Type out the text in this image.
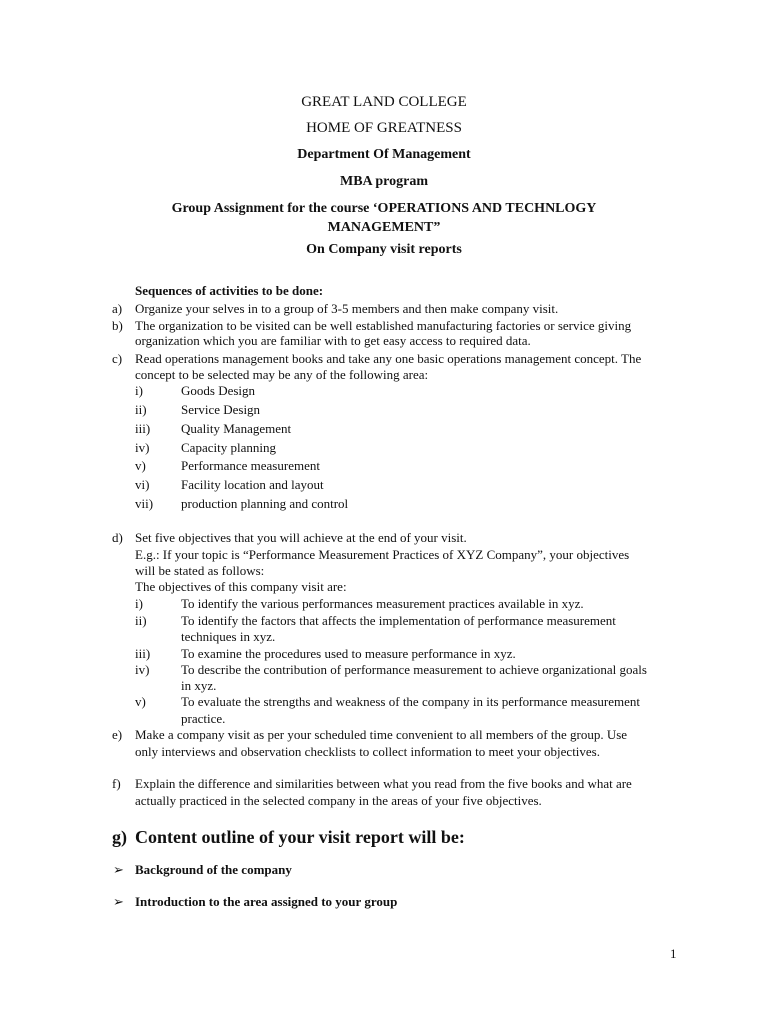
GREAT LAND COLLEGE
HOME OF GREATNESS
Department Of Management
MBA program
Group Assignment for the course ‘OPERATIONS AND TECHNLOGY
MANAGEMENT”
On Company visit reports
Sequences of activities to be done:
a) Organize your selves in to a group of 3-5 members and then make company visit.
b) The organization to be visited can be well established manufacturing factories or service giving
organization which you are familiar with to get easy access to required data.
c) Read operations management books and take any one basic operations management concept. The
concept to be selected may be any of the following area:
i)	Goods Design
ii)	Service Design
iii) Quality Management
iv) Capacity planning
v)	Performance measurement
vi) Facility location and layout
vii) production planning and control
d) Set five objectives that you will achieve at the end of your visit.
E.g.: If your topic is “Performance Measurement Practices of XYZ Company”, your objectives
will be stated as follows:
The objectives of this company visit are:
i)	To identify the various performances measurement practices available in xyz.
ii)	To identify the factors that affects the implementation of performance measurement
techniques in xyz.
iii) To examine the procedures used to measure performance in xyz.
iv) To describe the contribution of performance measurement to achieve organizational goals
in xyz.
v)	To evaluate the strengths and weakness of the company in its performance measurement
practice.
e) Make a company visit as per your scheduled time convenient to all members of the group. Use
only interviews and observation checklists to collect information to meet your objectives.
f) Explain the difference and similarities between what you read from the five books and what are
actually practiced in the selected company in the areas of your five objectives.
g) Content outline of your visit report will be:
➢ Background of the company
➢ Introduction to the area assigned to your group
1
